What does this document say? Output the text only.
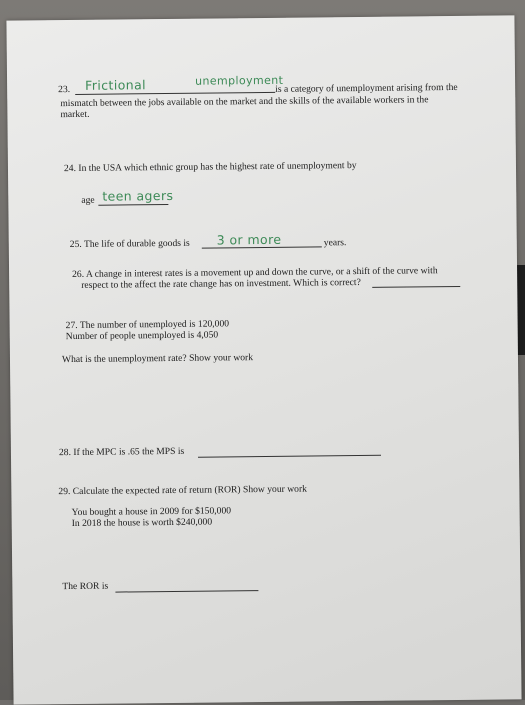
23. Frictional	unemployment
is a category of unemployment arising from the
mismatch between the jobs available on the market and the skills of the available workers in the
market.
24. In the USA which ethnic group has the highest rate of unemployment by
age teen agers
25. The life of durable goods is 3 or more	years.
26. A change in interest rates is a movement up and down the curve, or a shift of the curve with
respect to the affect the rate change has on investment. Which is correct?
27. The number of unemployed is 120,000
Number of people unemployed is 4,050
What is the unemployment rate? Show your work
28. If the MPC is .65 the MPS is
29. Calculate the expected rate of return (ROR) Show your work
You bought a house in 2009 for $150,000
In 2018 the house is worth $240,000
The ROR is
